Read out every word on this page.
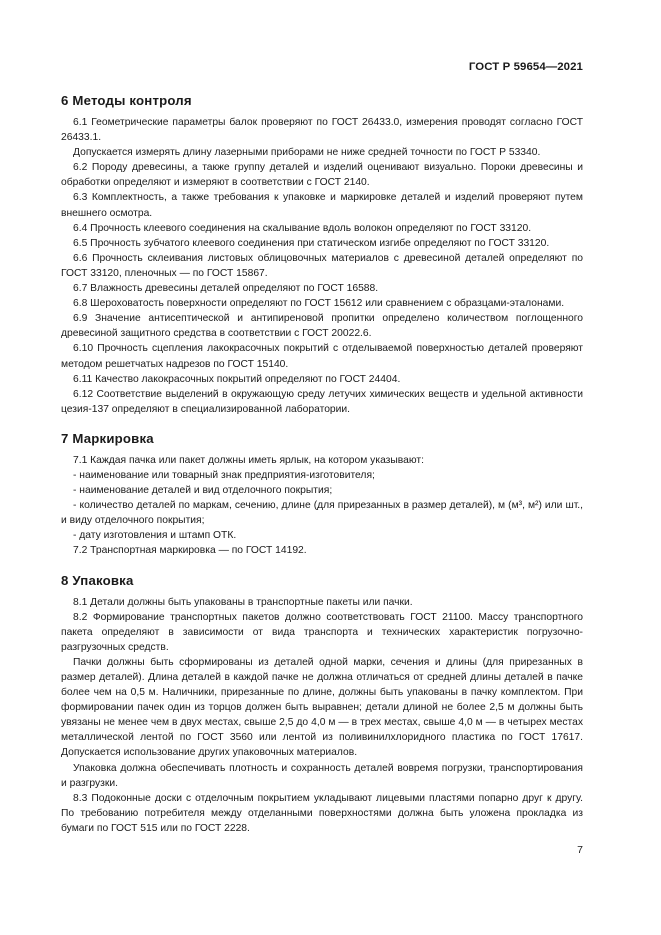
ГОСТ Р 59654—2021
6 Методы контроля

6.1 Геометрические параметры балок проверяют по ГОСТ 26433.0, измерения проводят согласно ГОСТ 26433.1.

Допускается измерять длину лазерными приборами не ниже средней точности по ГОСТ Р 53340.

6.2 Породу древесины, а также группу деталей и изделий оценивают визуально. Пороки древесины и обработки определяют и измеряют в соответствии с ГОСТ 2140.

6.3 Комплектность, а также требования к упаковке и маркировке деталей и изделий проверяют путем внешнего осмотра.

6.4 Прочность клеевого соединения на скалывание вдоль волокон определяют по ГОСТ 33120.

6.5 Прочность зубчатого клеевого соединения при статическом изгибе определяют по ГОСТ 33120.

6.6 Прочность склеивания листовых облицовочных материалов с древесиной деталей определяют по ГОСТ 33120, пленочных — по ГОСТ 15867.

6.7 Влажность древесины деталей определяют по ГОСТ 16588.

6.8 Шероховатость поверхности определяют по ГОСТ 15612 или сравнением с образцами-эталонами.

6.9 Значение антисептической и антипиреновой пропитки определено количеством поглощенного древесиной защитного средства в соответствии с ГОСТ 20022.6.

6.10 Прочность сцепления лакокрасочных покрытий с отделываемой поверхностью деталей проверяют методом решетчатых надрезов по ГОСТ 15140.

6.11 Качество лакокрасочных покрытий определяют по ГОСТ 24404.

6.12 Соответствие выделений в окружающую среду летучих химических веществ и удельной активности цезия-137 определяют в специализированной лаборатории.

7 Маркировка

7.1 Каждая пачка или пакет должны иметь ярлык, на котором указывают:

- наименование или товарный знак предприятия-изготовителя;

- наименование деталей и вид отделочного покрытия;

- количество деталей по маркам, сечению, длине (для прирезанных в размер деталей), м (м³, м²) или шт., и виду отделочного покрытия;

- дату изготовления и штамп ОТК.

7.2 Транспортная маркировка — по ГОСТ 14192.

8 Упаковка

8.1 Детали должны быть упакованы в транспортные пакеты или пачки.

8.2 Формирование транспортных пакетов должно соответствовать ГОСТ 21100. Массу транспортного пакета определяют в зависимости от вида транспорта и технических характеристик погрузочно-разгрузочных средств.

Пачки должны быть сформированы из деталей одной марки, сечения и длины (для прирезанных в размер деталей). Длина деталей в каждой пачке не должна отличаться от средней длины деталей в пачке более чем на 0,5 м. Наличники, прирезанные по длине, должны быть упакованы в пачку комплектом. При формировании пачек один из торцов должен быть выравнен; детали длиной не более 2,5 м должны быть увязаны не менее чем в двух местах, свыше 2,5 до 4,0 м — в трех местах, свыше 4,0 м — в четырех местах металлической лентой по ГОСТ 3560 или лентой из поливинилхлоридного пластика по ГОСТ 17617. Допускается использование других упаковочных материалов.

Упаковка должна обеспечивать плотность и сохранность деталей вовремя погрузки, транспортирования и разгрузки.

8.3 Подоконные доски с отделочным покрытием укладывают лицевыми пластями попарно друг к другу. По требованию потребителя между отделанными поверхностями должна быть уложена прокладка из бумаги по ГОСТ 515 или по ГОСТ 2228.

7
